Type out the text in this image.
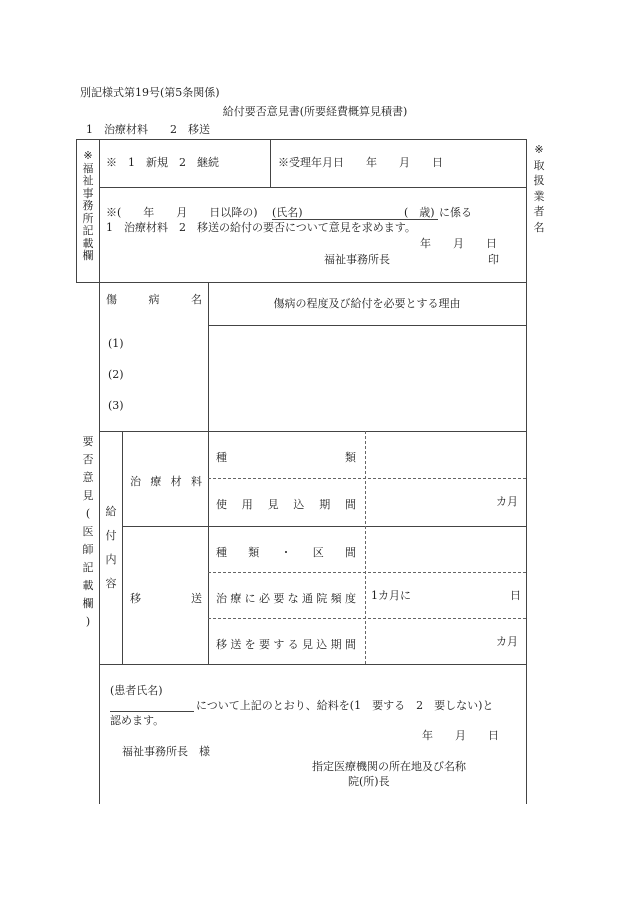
別記様式第19号(第5条関係)
給付要否意見書(所要経費概算見積書)
1　治療材料　　2　移送
※
取
扱
業
者
名
※
福
祉
事
務
所
記
載
欄
※　1　新規　2　継続	※受理年月日　　年　　月　　日
※(　　年　　月　　日以降の) (氏名)	(　歳) に係る
1　治療材料　2　移送の給付の要否について意見を求めます。
年　　月　　日
福祉事務所長	印
要
否
意
見
(
医
師
記
載
欄
)
傷	病	名	傷病の程度及び給付を必要とする理由
(1)
(2)
(3)
給
付
内
容
治 療 材 料
種	類
使 用 見 込 期 間	カ月
移	送
種 類 ・ 区 間
治 療 に 必 要 な 通 院 頻 度 1カ月に	日
移 送 を 要 す る 見 込 期 間	カ月
(患者氏名)
について上記のとおり、給料を(1　要する　2　要しない)と
認めます。
年　　月　　日
福祉事務所長　様
指定医療機関の所在地及び名称
院(所)長
